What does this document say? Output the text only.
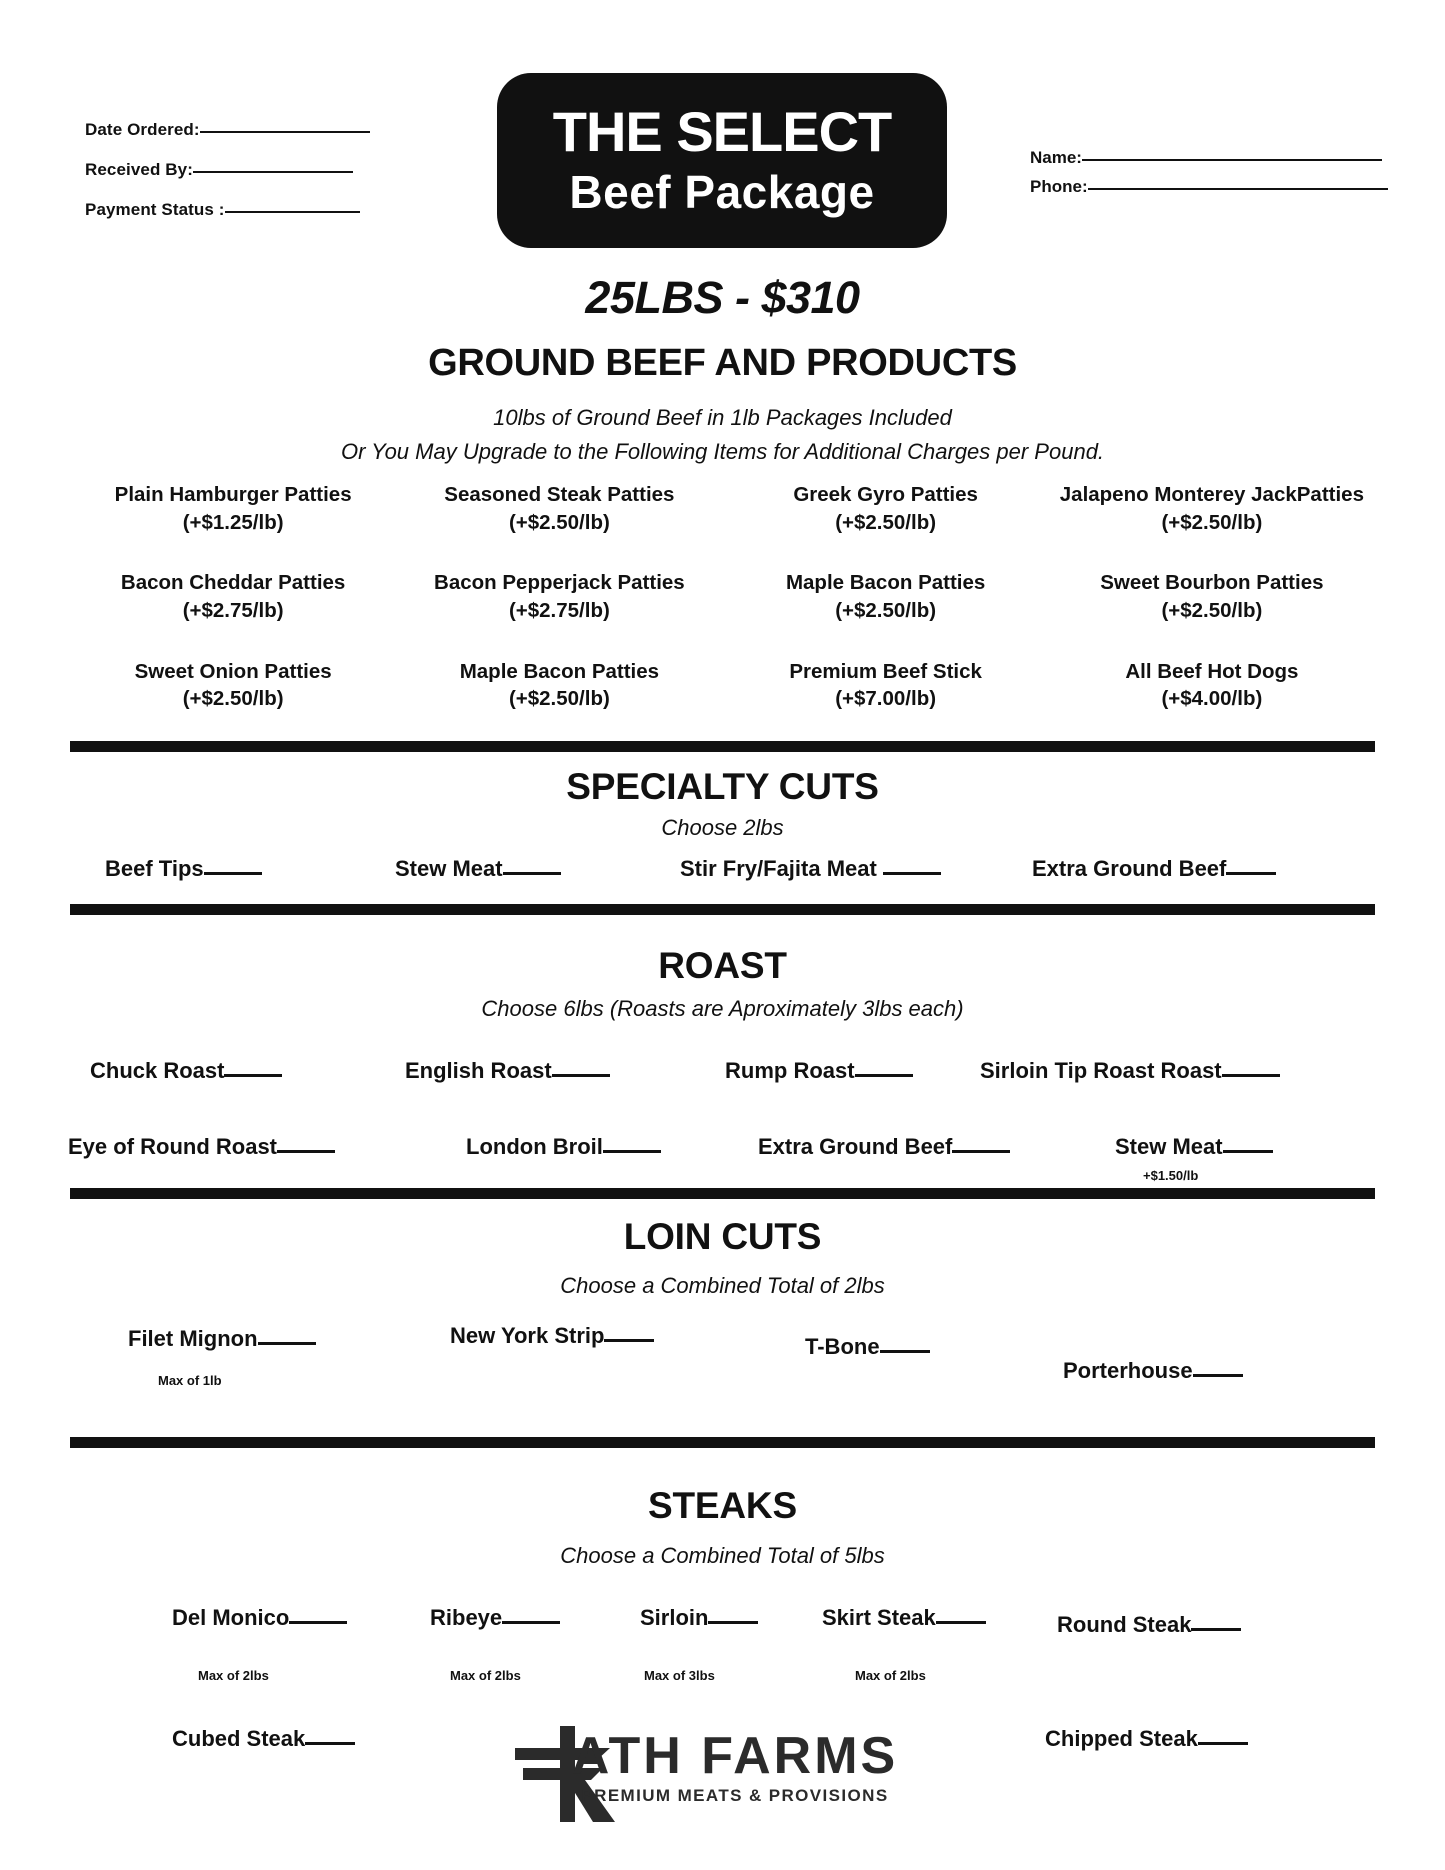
Date Ordered:
Received By:
Payment Status :
THE SELECT
Beef Package
Name:
Phone:
25LBS - $310
GROUND BEEF AND PRODUCTS
10lbs of Ground Beef in 1lb Packages Included
Or You May Upgrade to the Following Items for Additional Charges per Pound.
Plain Hamburger Patties
(+$1.25/lb)
Seasoned Steak Patties
(+$2.50/lb)
Greek Gyro Patties
(+$2.50/lb)
Jalapeno Monterey JackPatties
(+$2.50/lb)
Bacon Cheddar Patties
(+$2.75/lb)
Bacon Pepperjack Patties
(+$2.75/lb)
Maple Bacon Patties
(+$2.50/lb)
Sweet Bourbon Patties
(+$2.50/lb)
Sweet Onion Patties
(+$2.50/lb)
Maple Bacon Patties
(+$2.50/lb)
Premium Beef Stick
(+$7.00/lb)
All Beef Hot Dogs
(+$4.00/lb)
SPECIALTY CUTS
Choose 2lbs
Beef Tips	Stew Meat	Stir Fry/Fajita Meat	Extra Ground Beef
ROAST
Choose 6lbs (Roasts are Aproximately 3lbs each)
Chuck Roast	English Roast	Rump Roast	Sirloin Tip Roast Roast
Eye of Round Roast	London Broil	Extra Ground Beef	Stew Meat
+$1.50/lb
LOIN CUTS
Choose a Combined Total of 2lbs
Filet Mignon
Max of 1lb
New York Strip	T-Bone
Porterhouse
STEAKS
Choose a Combined Total of 5lbs
Del Monico
Max of 2lbs
Ribeye
Max of 2lbs
Sirloin
Max of 3lbs
Skirt Steak
Max of 2lbs
Round Steak
Cubed Steak	Chipped Steak
ATH FARMS
PREMIUM MEATS & PROVISIONS
